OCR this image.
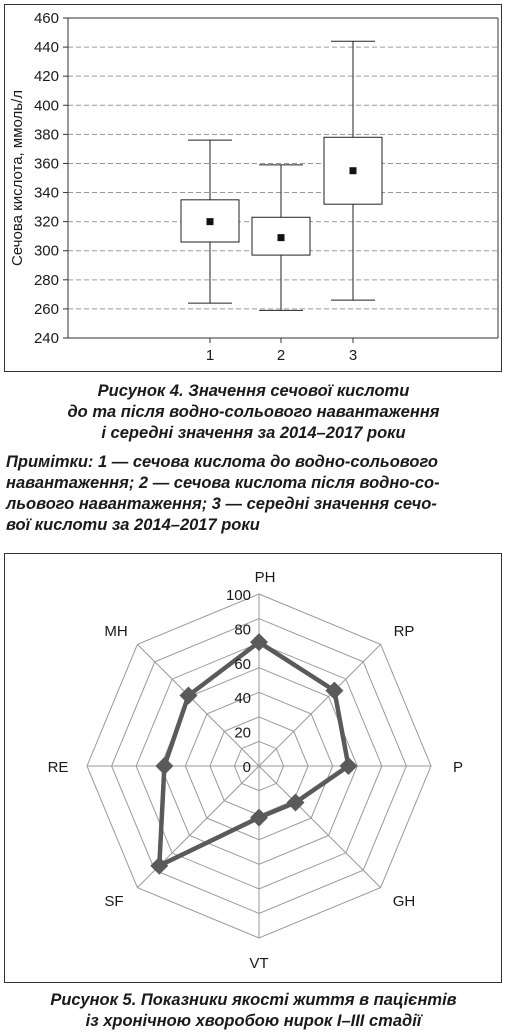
240
260
280
300
320
340
360
380
400
420
440
460
1	2	3
Сечова кислота, ммоль/л
Рисунок 4. Значення сечової кислоти
до та після водно-сольового навантаження
і середні значення за 2014–2017 роки
Примітки: 1 — сечова кислота до водно-сольового
навантаження; 2 — сечова кислота після водно-со-
льового навантаження; 3 — середні значення сечо-
вої кислоти за 2014–2017 роки
0
20
40
60
80
100
PH
RP
P
GH
VT
SF
RE
MH
Рисунок 5. Показники якості життя в пацієнтів
із хронічною хворобою нирок I–III стадії
